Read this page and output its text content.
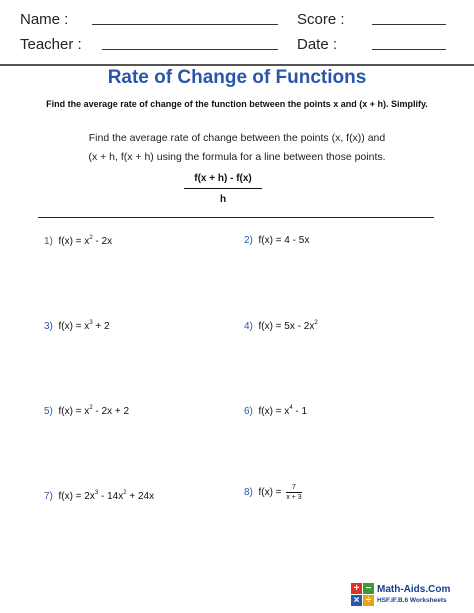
Name :	Score :
Teacher :	Date :
Rate of Change of Functions
Find the average rate of change of the function between the points x and (x + h). Simplify.
Find the average rate of change between the points (x, f(x)) and
(x + h, f(x + h) using the formula for a line between those points.
f(x + h) - f(x)
h
1) $f(x) = x^2 - 2x$	2) f(x) = 4 - 5x
3) $f(x) = x^3 + 2$	4) $f(x) = 5x - 2x^2$
5) $f(x) = x^2 - 2x + 2$	6) $f(x) = x^4 - 1$
7) $f(x) = 2x^3 - 14x^2 + 24x$	8) $f(x) = \frac{7}{x + 3}$
+ −
× ÷
Math-Aids.Com
HSF.IF.B.6 Worksheets
